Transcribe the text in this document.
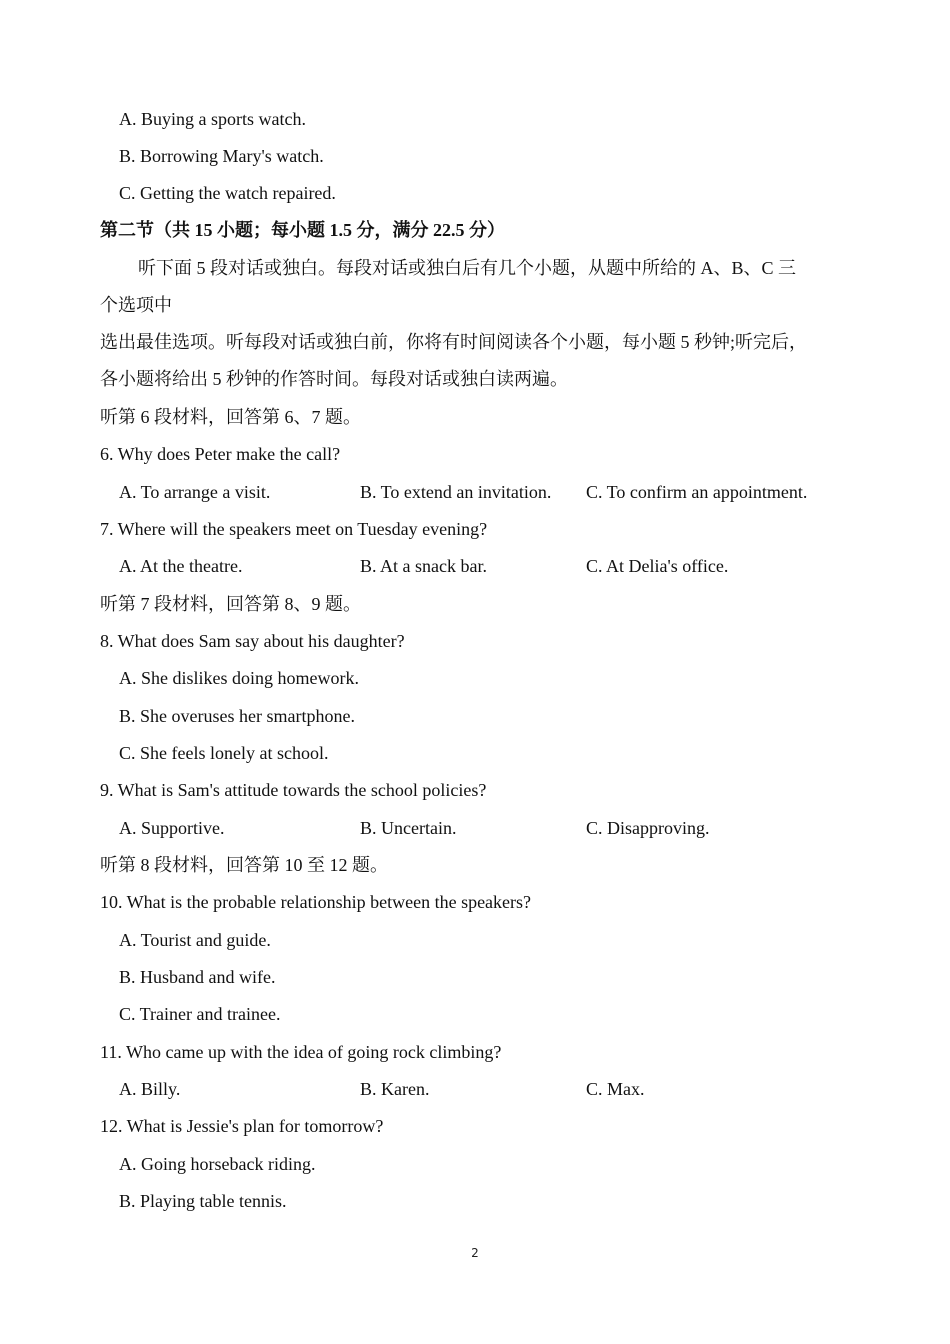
A. Buying a sports watch.
B. Borrowing Mary's watch.
C. Getting the watch repaired.
第二节（共 15 小题；每小题 1.5 分，满分 22.5 分）
听下面 5 段对话或独白。每段对话或独白后有几个小题，从题中所给的 A、B、C 三
个选项中
选出最佳选项。听每段对话或独白前，你将有时间阅读各个小题，每小题 5 秒钟;听完后，
各小题将给出 5 秒钟的作答时间。每段对话或独白读两遍。
听第 6 段材料，回答第 6、7 题。
6. Why does Peter make the call?
A. To arrange a visit.	B. To extend an invitation. C. To confirm an appointment.
7. Where will the speakers meet on Tuesday evening?
A. At the theatre.	B. At a snack bar.	C. At Delia's office.
听第 7 段材料，回答第 8、9 题。
8. What does Sam say about his daughter?
A. She dislikes doing homework.
B. She overuses her smartphone.
C. She feels lonely at school.
9. What is Sam's attitude towards the school policies?
A. Supportive.	B. Uncertain.	C. Disapproving.
听第 8 段材料，回答第 10 至 12 题。
10. What is the probable relationship between the speakers?
A. Tourist and guide.
B. Husband and wife.
C. Trainer and trainee.
11. Who came up with the idea of going rock climbing?
A. Billy.	B. Karen.	C. Max.
12. What is Jessie's plan for tomorrow?
A. Going horseback riding.
B. Playing table tennis.
2
